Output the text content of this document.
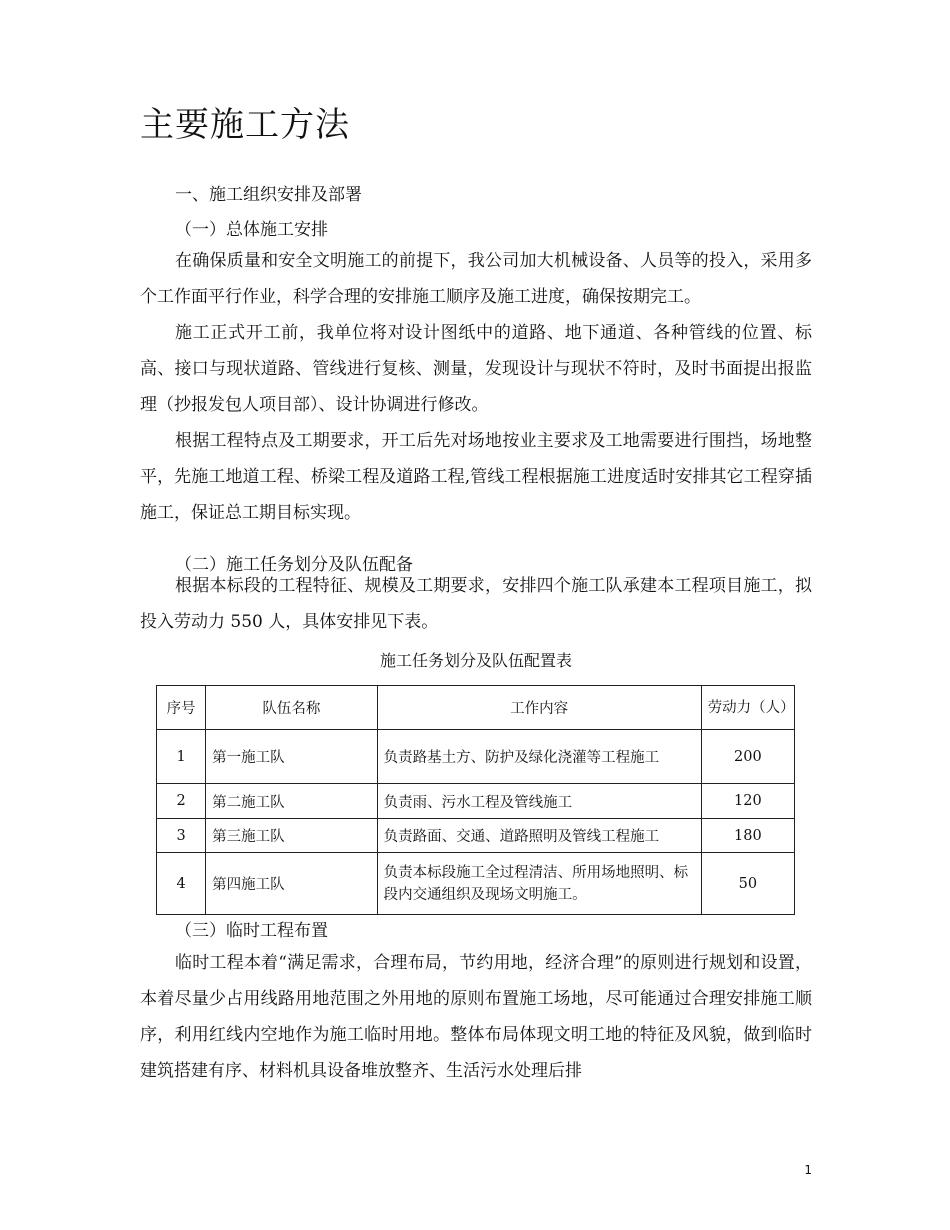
主要施工方法
一、施工组织安排及部署
（一）总体施工安排

在确保质量和安全文明施工的前提下，我公司加大机械设备、人员等的投入，采用多个工作面平行作业，科学合理的安排施工顺序及施工进度，确保按期完工。

施工正式开工前，我单位将对设计图纸中的道路、地下通道、各种管线的位置、标高、接口与现状道路、管线进行复核、测量，发现设计与现状不符时，及时书面提出报监理（抄报发包人项目部）、设计协调进行修改。

根据工程特点及工期要求，开工后先对场地按业主要求及工地需要进行围挡，场地整平，先施工地道工程、桥梁工程及道路工程,管线工程根据施工进度适时安排其它工程穿插施工，保证总工期目标实现。

（二）施工任务划分及队伍配备

根据本标段的工程特征、规模及工期要求，安排四个施工队承建本工程项目施工，拟投入劳动力 550 人，具体安排见下表。

施工任务划分及队伍配置表
序号	队伍名称	工作内容	劳动力（人）
1	第一施工队	负责路基土方、防护及绿化浇灌等工程施工	200
2	第二施工队	负责雨、污水工程及管线施工	120
3	第三施工队	负责路面、交通、道路照明及管线工程施工	180
4	第四施工队	负责本标段施工全过程清洁、所用场地照明、标段内交通组织及现场文明施工。	50
（三）临时工程布置

临时工程本着“满足需求，合理布局，节约用地，经济合理”的原则进行规划和设置，本着尽量少占用线路用地范围之外用地的原则布置施工场地，尽可能通过合理安排施工顺序，利用红线内空地作为施工临时用地。整体布局体现文明工地的特征及风貌，做到临时建筑搭建有序、材料机具设备堆放整齐、生活污水处理后排

1
